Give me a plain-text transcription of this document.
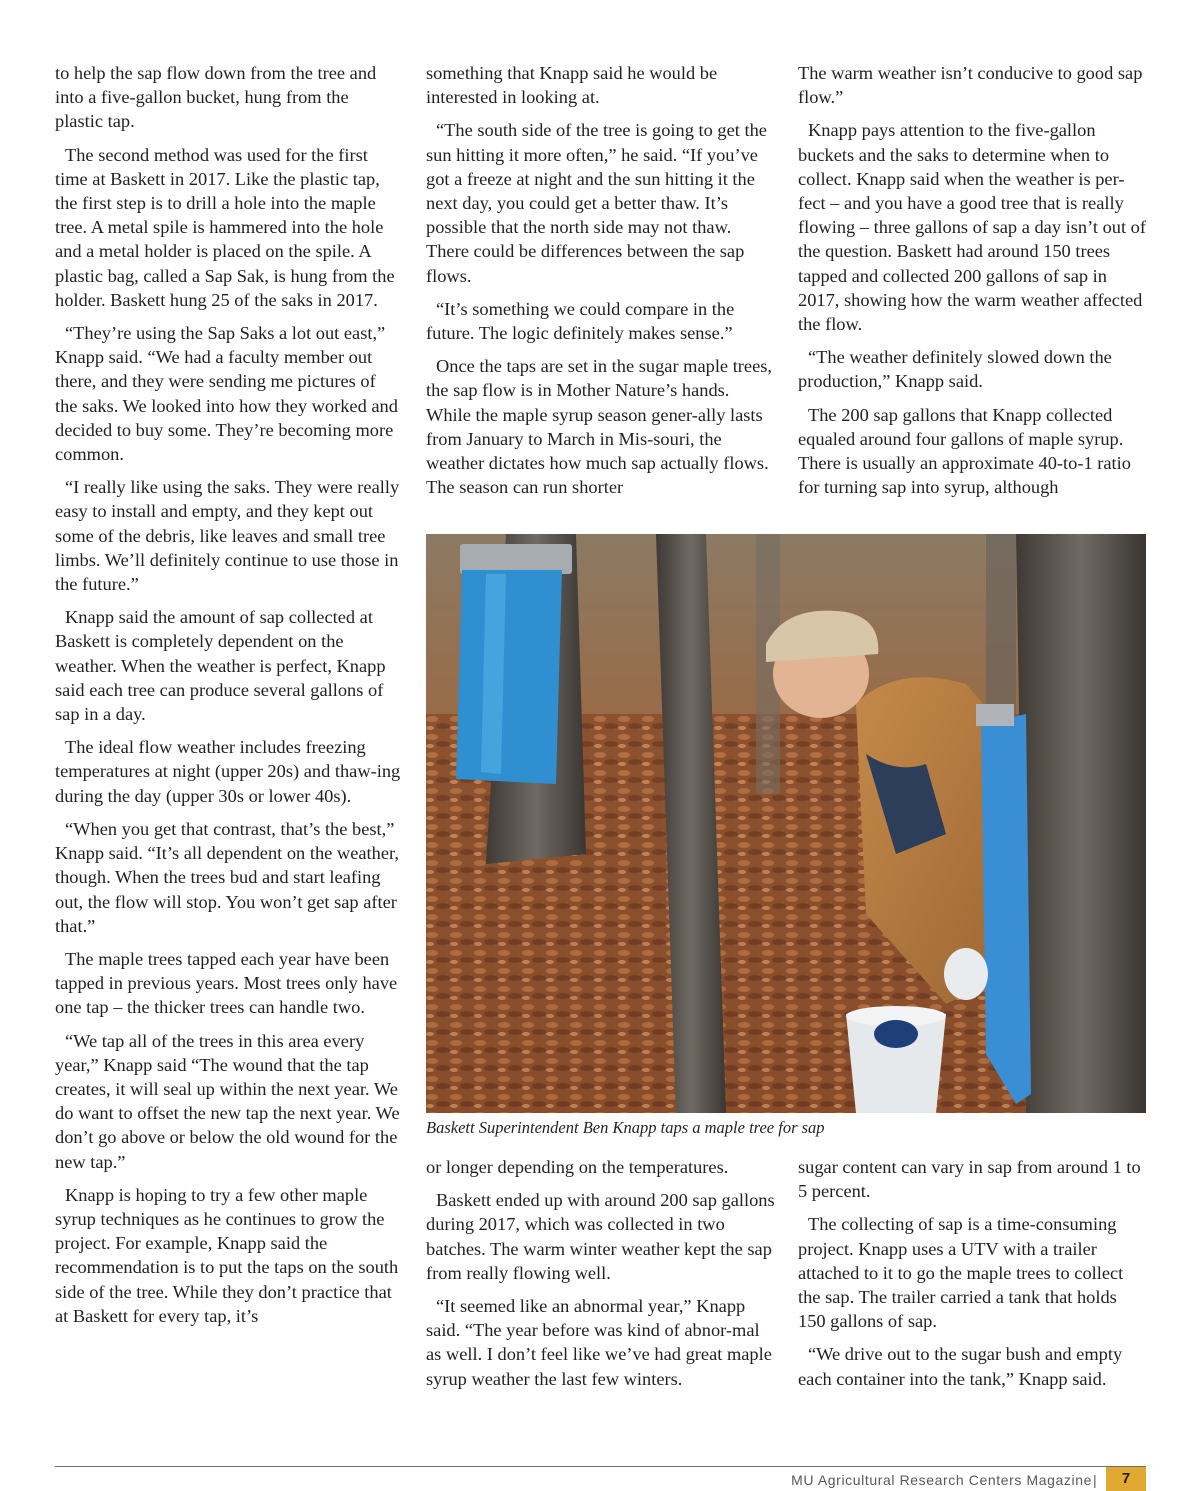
to help the sap flow down from the tree and into a five-gallon bucket, hung from the plastic tap.

The second method was used for the first time at Baskett in 2017. Like the plastic tap, the first step is to drill a hole into the maple tree. A metal spile is hammered into the hole and a metal holder is placed on the spile. A plastic bag, called a Sap Sak, is hung from the holder. Baskett hung 25 of the saks in 2017.

“They’re using the Sap Saks a lot out east,” Knapp said. “We had a faculty member out there, and they were sending me pictures of the saks. We looked into how they worked and decided to buy some. They’re becoming more common.

“I really like using the saks. They were really easy to install and empty, and they kept out some of the debris, like leaves and small tree limbs. We’ll definitely continue to use those in the future.”

Knapp said the amount of sap collected at Baskett is completely dependent on the weather. When the weather is perfect, Knapp said each tree can produce several gallons of sap in a day.

The ideal flow weather includes freezing temperatures at night (upper 20s) and thaw-ing during the day (upper 30s or lower 40s).

“When you get that contrast, that’s the best,” Knapp said. “It’s all dependent on the weather, though. When the trees bud and start leafing out, the flow will stop. You won’t get sap after that.”

The maple trees tapped each year have been tapped in previous years. Most trees only have one tap – the thicker trees can handle two.

“We tap all of the trees in this area every year,” Knapp said “The wound that the tap creates, it will seal up within the next year. We do want to offset the new tap the next year. We don’t go above or below the old wound for the new tap.”

Knapp is hoping to try a few other maple syrup techniques as he continues to grow the project. For example, Knapp said the recommendation is to put the taps on the south side of the tree. While they don’t practice that at Baskett for every tap, it’s

something that Knapp said he would be interested in looking at.

“The south side of the tree is going to get the sun hitting it more often,” he said. “If you’ve got a freeze at night and the sun hitting it the next day, you could get a better thaw. It’s possible that the north side may not thaw. There could be differences between the sap flows.

“It’s something we could compare in the future. The logic definitely makes sense.”

Once the taps are set in the sugar maple trees, the sap flow is in Mother Nature’s hands. While the maple syrup season gener-ally lasts from January to March in Mis-souri, the weather dictates how much sap actually flows. The season can run shorter

The warm weather isn’t conducive to good sap flow.”

Knapp pays attention to the five-gallon buckets and the saks to determine when to collect. Knapp said when the weather is per-fect – and you have a good tree that is really flowing – three gallons of sap a day isn’t out of the question. Baskett had around 150 trees tapped and collected 200 gallons of sap in 2017, showing how the warm weather affected the flow.

“The weather definitely slowed down the production,” Knapp said.

The 200 sap gallons that Knapp collected equaled around four gallons of maple syrup. There is usually an approximate 40-to-1 ratio for turning sap into syrup, although

Baskett Superintendent Ben Knapp taps a maple tree for sap

or longer depending on the temperatures.

Baskett ended up with around 200 sap gallons during 2017, which was collected in two batches. The warm winter weather kept the sap from really flowing well.

“It seemed like an abnormal year,” Knapp said. “The year before was kind of abnor-mal as well. I don’t feel like we’ve had great maple syrup weather the last few winters.

sugar content can vary in sap from around 1 to 5 percent.

The collecting of sap is a time-consuming project. Knapp uses a UTV with a trailer attached to it to go the maple trees to collect the sap. The trailer carried a tank that holds 150 gallons of sap.

“We drive out to the sugar bush and empty each container into the tank,” Knapp said.

MU Agricultural Research Centers Magazine |	7
